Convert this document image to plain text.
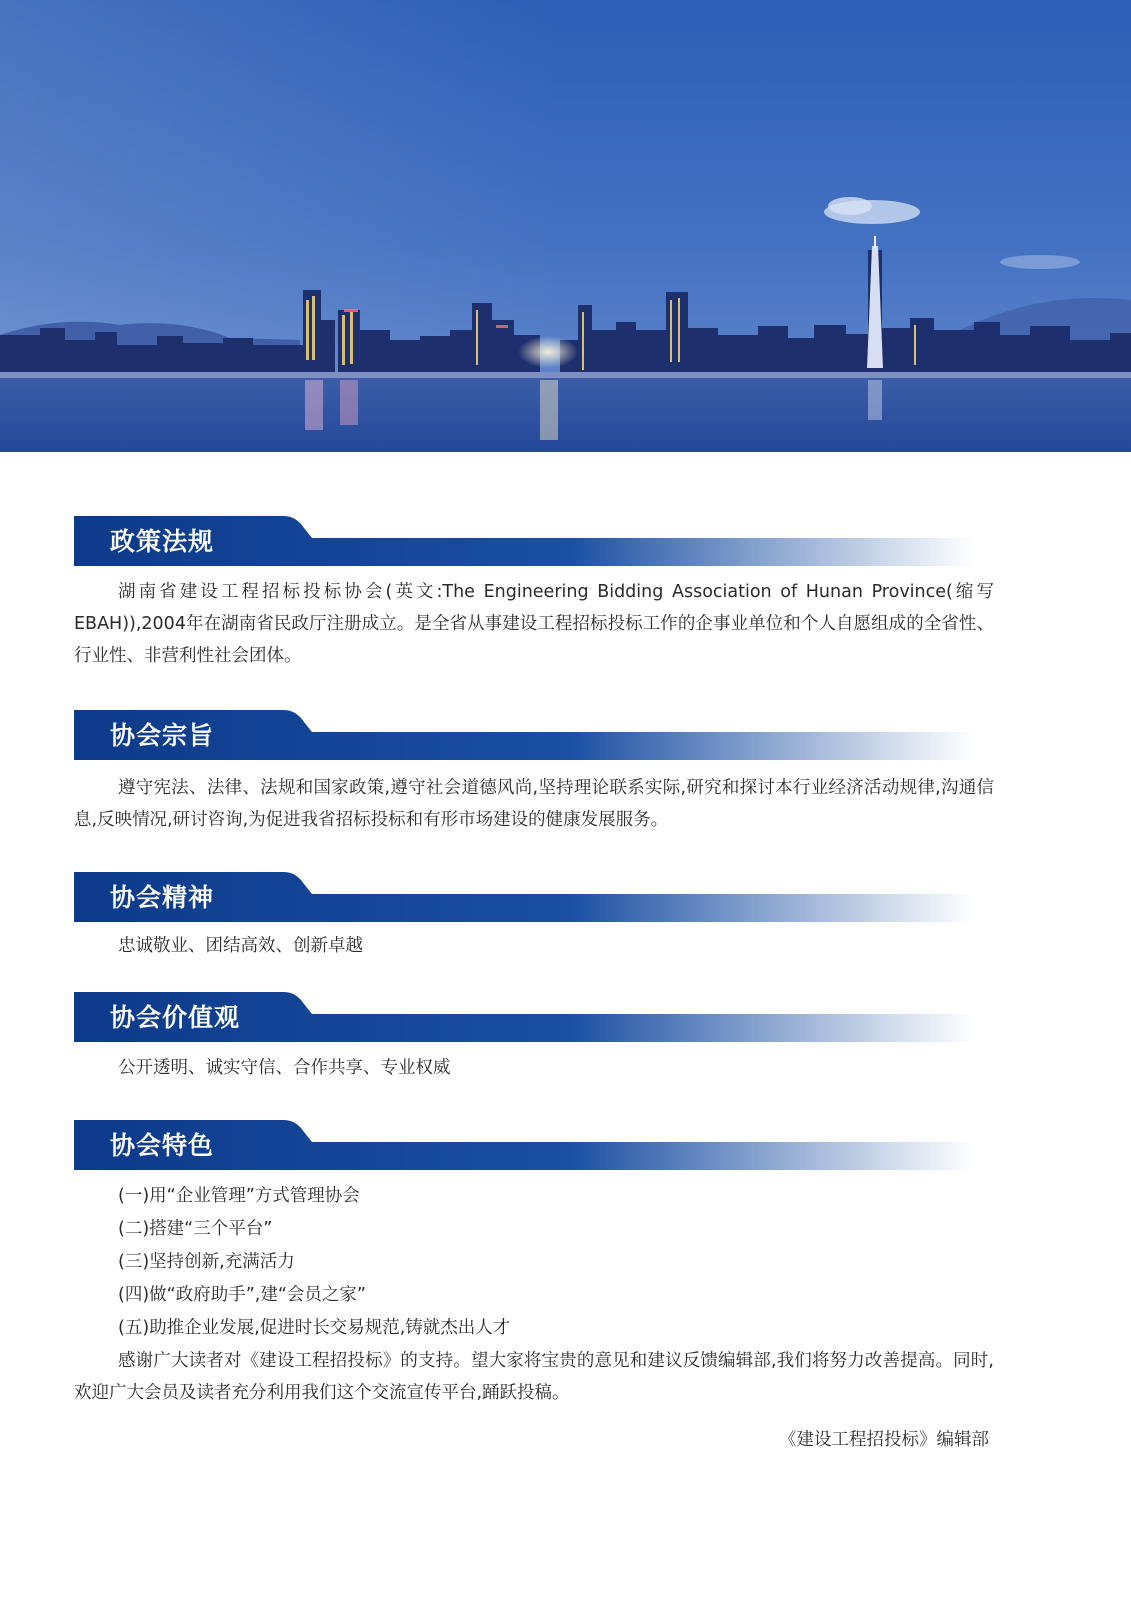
政策法规
湖南省建设工程招标投标协会(英文:The Engineering Bidding Association of Hunan Province(缩写 EBAH)),2004年在湖南省民政厅注册成立。是全省从事建设工程招标投标工作的企事业单位和个人自愿组成的全省性、行业性、非营利性社会团体。
协会宗旨
遵守宪法、法律、法规和国家政策,遵守社会道德风尚,坚持理论联系实际,研究和探讨本行业经济活动规律,沟通信息,反映情况,研讨咨询,为促进我省招标投标和有形市场建设的健康发展服务。
协会精神
忠诚敬业、团结高效、创新卓越
协会价值观
公开透明、诚实守信、合作共享、专业权威
协会特色
(一)用“企业管理”方式管理协会
(二)搭建“三个平台”
(三)坚持创新,充满活力
(四)做“政府助手”,建“会员之家”
(五)助推企业发展,促进时长交易规范,铸就杰出人才
感谢广大读者对《建设工程招投标》的支持。望大家将宝贵的意见和建议反馈编辑部,我们将努力改善提高。同时,欢迎广大会员及读者充分利用我们这个交流宣传平台,踊跃投稿。
《建设工程招投标》编辑部
